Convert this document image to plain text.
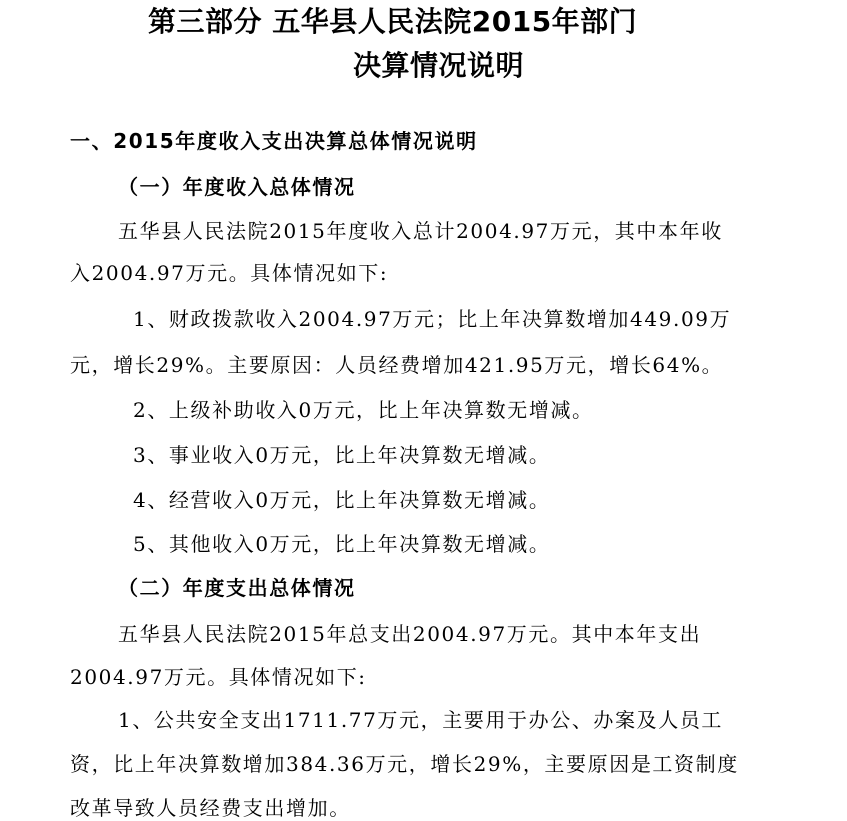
第三部分 五华县人民法院2015年部门
决算情况说明
一、2015年度收入支出决算总体情况说明
（一）年度收入总体情况
五华县人民法院2015年度收入总计2004.97万元，其中本年收
入2004.97万元。具体情况如下:
1、财政拨款收入2004.97万元；比上年决算数增加449.09万
元，增长29%。主要原因：人员经费增加421.95万元，增长64%。
2、上级补助收入0万元，比上年决算数无增减。
3、事业收入0万元，比上年决算数无增减。
4、经营收入0万元，比上年决算数无增减。
5、其他收入0万元，比上年决算数无增减。
（二）年度支出总体情况
五华县人民法院2015年总支出2004.97万元。其中本年支出
2004.97万元。具体情况如下:
1、公共安全支出1711.77万元，主要用于办公、办案及人员工
资，比上年决算数增加384.36万元，增长29%，主要原因是工资制度
改革导致人员经费支出增加。
